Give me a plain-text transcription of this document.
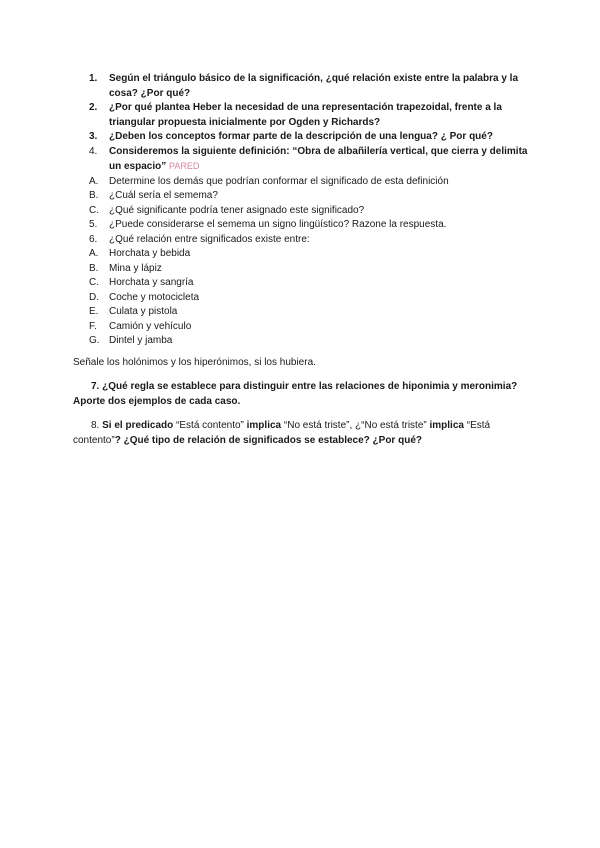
1. Según el triángulo básico de la significación, ¿qué relación existe entre la palabra y la cosa? ¿Por qué?
2. ¿Por qué plantea Heber la necesidad de una representación trapezoidal, frente a la triangular propuesta inicialmente por Ogden y Richards?
3. ¿Deben los conceptos formar parte de la descripción de una lengua? ¿ Por qué?
4. Consideremos la siguiente definición: “Obra de albañilería vertical, que cierra y delimita un espacio” PARED
A. Determine los demás que podrían conformar el significado de esta definición
B. ¿Cuál sería el semema?
C. ¿Qué significante podría tener asignado este significado?
5. ¿Puede considerarse el semema un signo lingüístico? Razone la respuesta.
6. ¿Qué relación entre significados existe entre:
A. Horchata y bebida
B. Mina y lápiz
C. Horchata y sangría
D. Coche y motocicleta
E. Culata y pistola
F. Camión y vehículo
G. Dintel y jamba

Señale los holónimos y los hiperónimos, si los hubiera.

7. ¿Qué regla se establece para distinguir entre las relaciones de hiponimia y meronimia? Aporte dos ejemplos de cada caso.

8. Si el predicado “Está contento” implica “No está triste”, ¿“No está triste” implica “Está contento”? ¿Qué tipo de relación de significados se establece? ¿Por qué?
